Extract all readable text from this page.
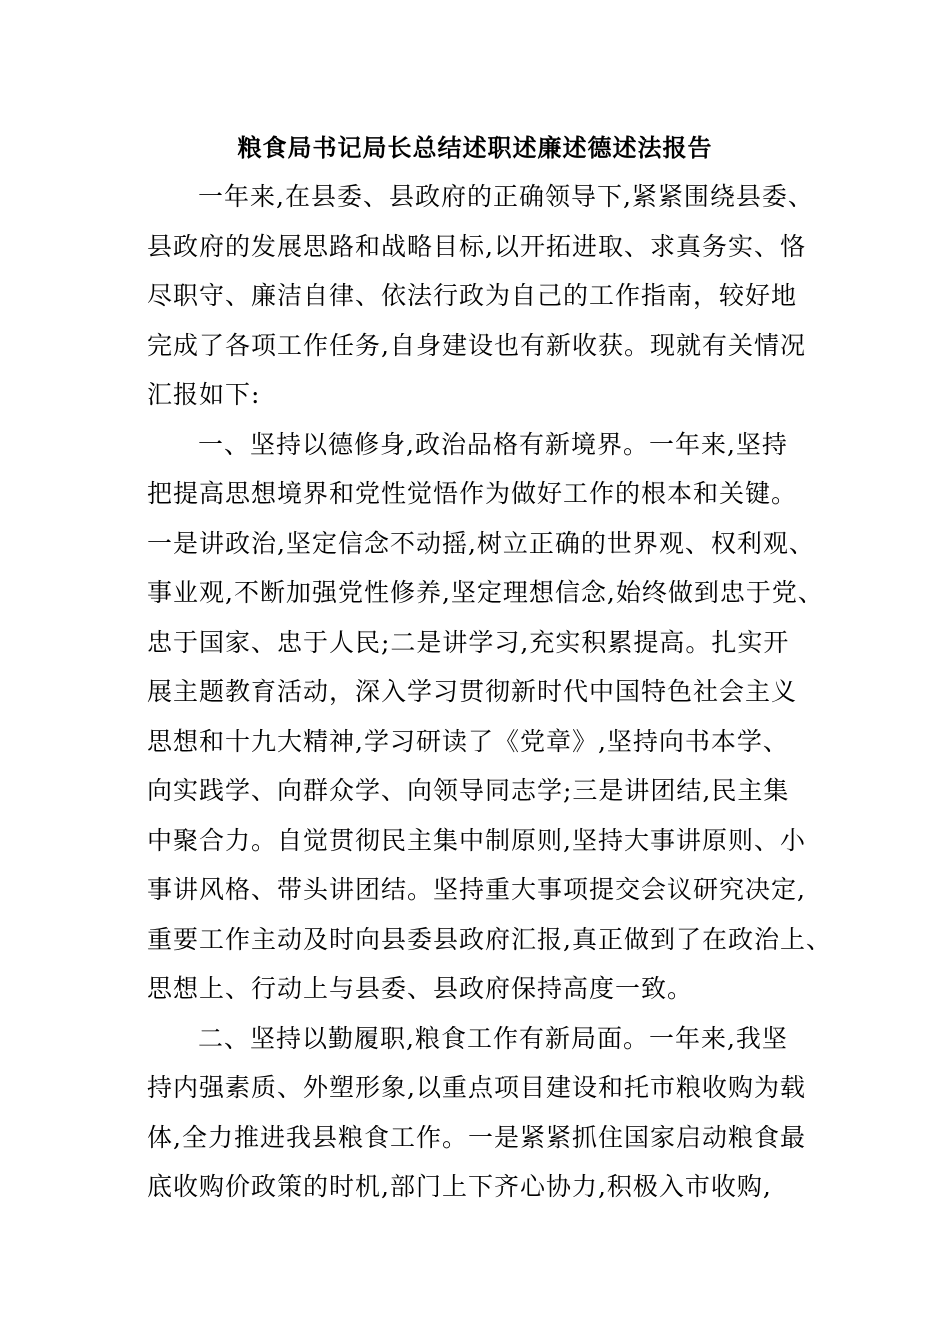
粮食局书记局长总结述职述廉述德述法报告
一年来,在县委、县政府的正确领导下,紧紧围绕县委、
县政府的发展思路和战略目标,以开拓进取、求真务实、恪
尽职守、廉洁自律、依法行政为自己的工作指南，较好地
完成了各项工作任务,自身建设也有新收获。现就有关情况
汇报如下:
一、坚持以德修身,政治品格有新境界。一年来,坚持
把提高思想境界和党性觉悟作为做好工作的根本和关键。
一是讲政治,坚定信念不动摇,树立正确的世界观、权利观、
事业观,不断加强党性修养,坚定理想信念,始终做到忠于党、
忠于国家、忠于人民;二是讲学习,充实积累提高。扎实开
展主题教育活动，深入学习贯彻新时代中国特色社会主义
思想和十九大精神,学习研读了《党章》,坚持向书本学、
向实践学、向群众学、向领导同志学;三是讲团结,民主集
中聚合力。自觉贯彻民主集中制原则,坚持大事讲原则、小
事讲风格、带头讲团结。坚持重大事项提交会议研究决定,
重要工作主动及时向县委县政府汇报,真正做到了在政治上、
思想上、行动上与县委、县政府保持高度一致。
二、坚持以勤履职,粮食工作有新局面。一年来,我坚
持内强素质、外塑形象,以重点项目建设和托市粮收购为载
体,全力推进我县粮食工作。一是紧紧抓住国家启动粮食最
底收购价政策的时机,部门上下齐心协力,积极入市收购,
